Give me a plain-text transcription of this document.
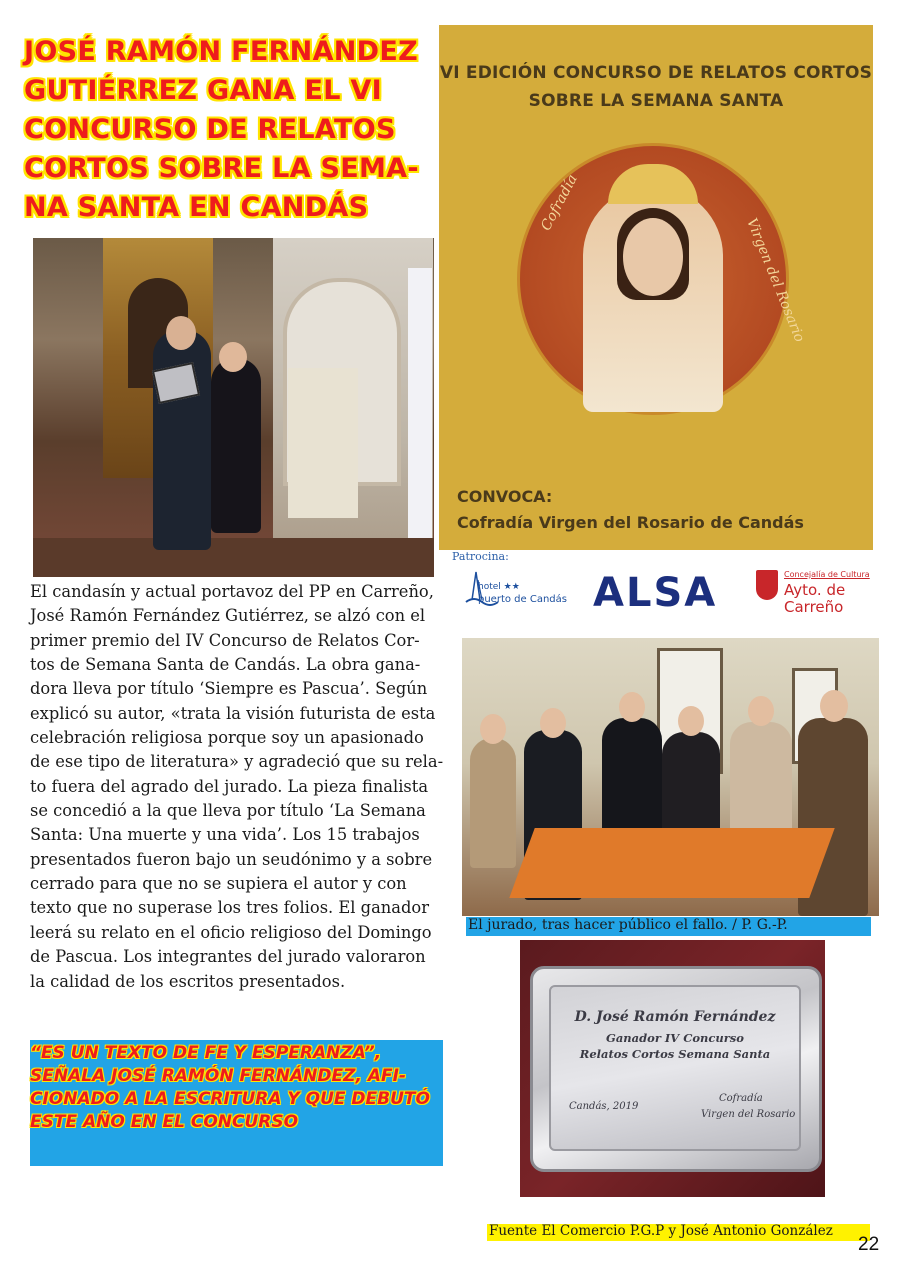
JOSÉ RAMÓN FERNÁNDEZ
GUTIÉRREZ GANA EL VI
CONCURSO DE RELATOS
CORTOS SOBRE LA SEMA-
NA SANTA EN CANDÁS
VI EDICIÓN CONCURSO DE RELATOS CORTOS
SOBRE LA SEMANA SANTA
Cofradía
Virgen del Rosario
CONVOCA:
Cofradía Virgen del Rosario de Candás
Patrocina:
hotel ★★
puerto de Candás ALSA	Concejalía de Cultura
Ayto. de
Carreño
El candasín y actual portavoz del PP en Carreño,
José Ramón Fernández Gutiérrez, se alzó con el
primer premio del IV Concurso de Relatos Cor-
tos de Semana Santa de Candás. La obra gana-
dora lleva por título ‘Siempre es Pascua’. Según
explicó su autor, «trata la visión futurista de esta
celebración religiosa porque soy un apasionado
de ese tipo de literatura» y agradeció que su rela-
to fuera del agrado del jurado. La pieza finalista
se concedió a la que lleva por título ‘La Semana
Santa: Una muerte y una vida’. Los 15 trabajos
presentados fueron bajo un seudónimo y a sobre
cerrado para que no se supiera el autor y con
texto que no superase los tres folios. El ganador
leerá su relato en el oficio religioso del Domingo
de Pascua. Los integrantes del jurado valoraron
la calidad de los escritos presentados.
“ES UN TEXTO DE FE Y ESPERANZA”,
SEÑALA JOSÉ RAMÓN FERNÁNDEZ, AFI-
CIONADO A LA ESCRITURA Y QUE DEBUTÓ
ESTE AÑO EN EL CONCURSO
El jurado, tras hacer público el fallo. / P. G.-P.
D. José Ramón Fernández
Ganador IV Concurso
Relatos Cortos Semana Santa
Candás, 2019
Cofradía
Virgen del Rosario
Fuente El Comercio P.G.P y José Antonio González
22
